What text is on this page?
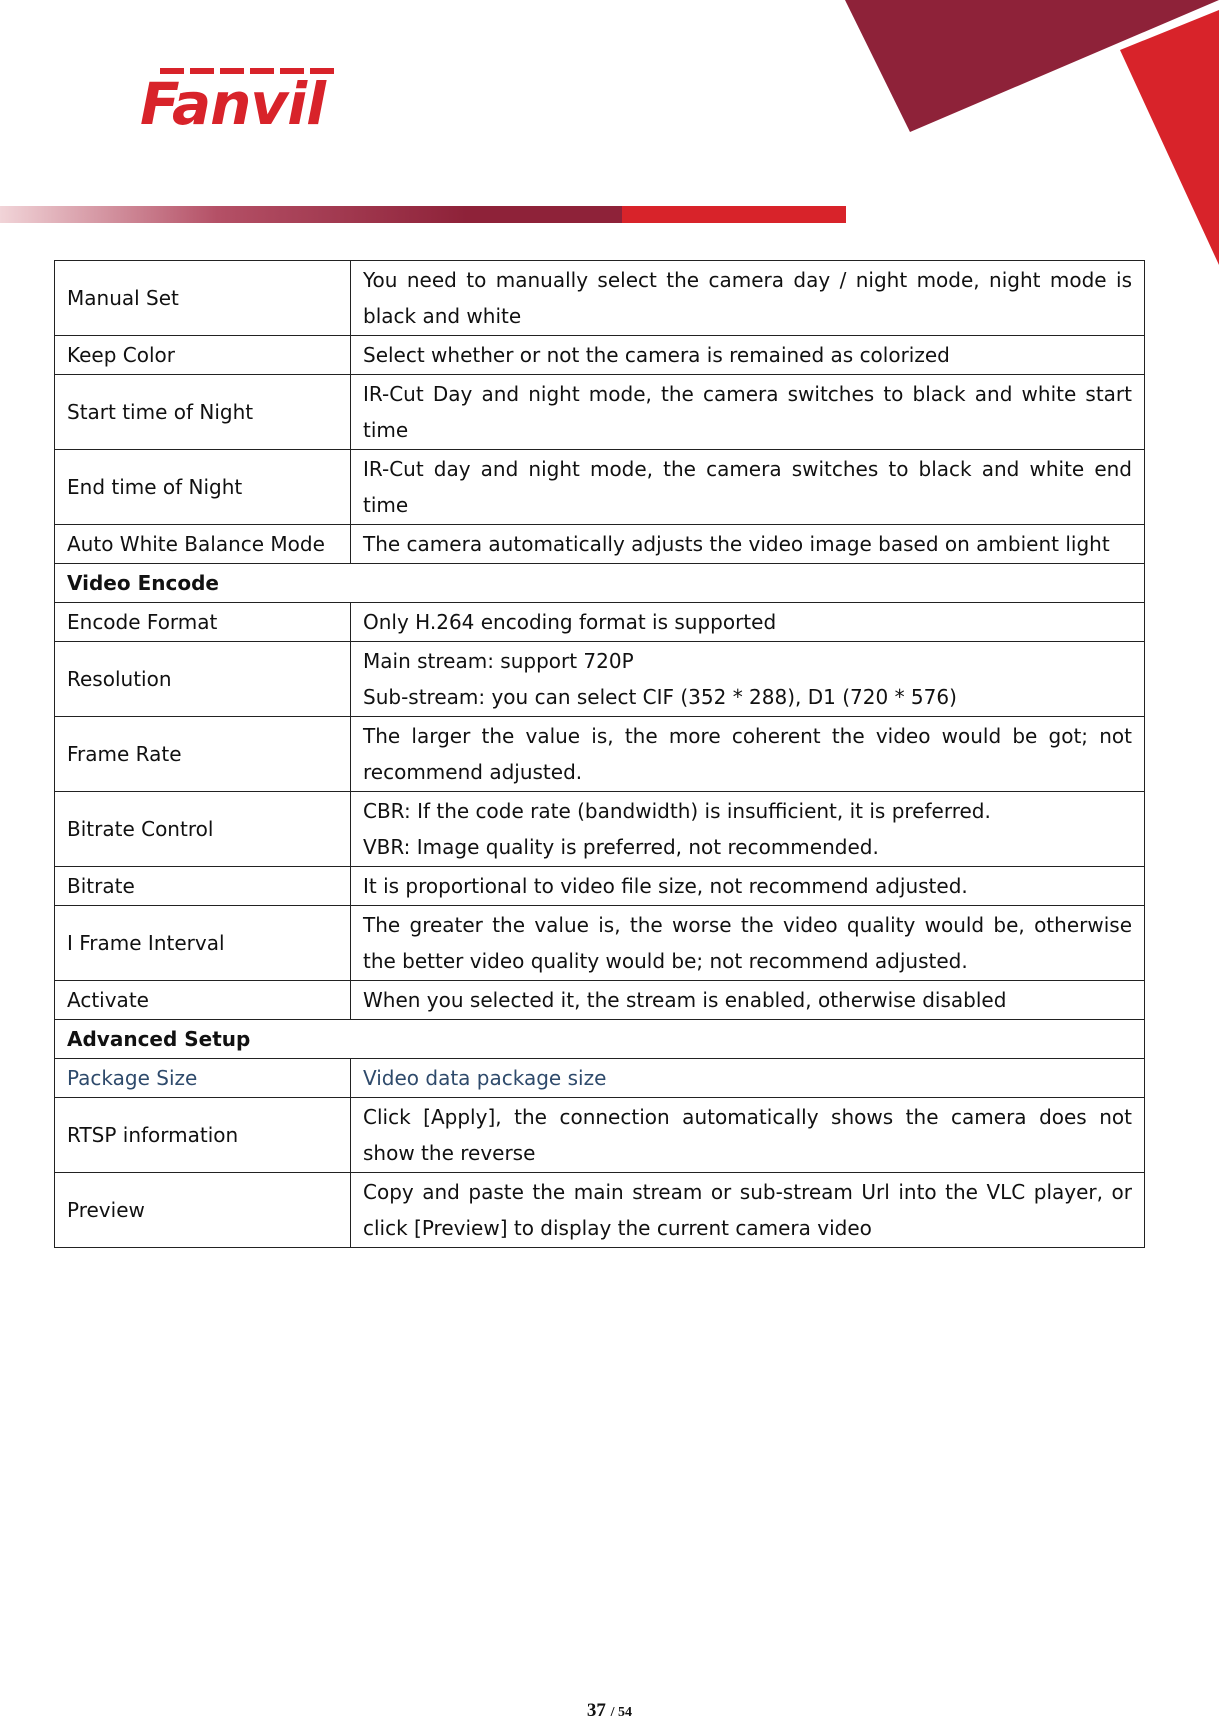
Fanvil
Manual Set	You need to manually select the camera day / night mode, night mode is black and white

Keep Color	Select whether or not the camera is remained as colorized

Start time of Night	IR-Cut Day and night mode, the camera switches to black and white start time

End time of Night	IR-Cut day and night mode, the camera switches to black and white end time

Auto White Balance Mode	The camera automatically adjusts the video image based on ambient light

Video Encode	
Encode Format	Only H.264 encoding format is supported

Resolution	Main stream: support 720P
Sub-stream: you can select CIF (352 * 288), D1 (720 * 576)

Frame Rate	The larger the value is, the more coherent the video would be got; not recommend adjusted.

Bitrate Control	CBR: If the code rate (bandwidth) is insufficient, it is preferred.
VBR: Image quality is preferred, not recommended.

Bitrate	It is proportional to video file size, not recommend adjusted.

I Frame Interval	The greater the value is, the worse the video quality would be, otherwise the better video quality would be; not recommend adjusted.

Activate	When you selected it, the stream is enabled, otherwise disabled

Advanced Setup	
Package Size	Video data package size

RTSP information	Click [Apply], the connection automatically shows the camera does not show the reverse

Preview	Copy and paste the main stream or sub-stream Url into the VLC player, or click [Preview] to display the current camera video
37 / 54
